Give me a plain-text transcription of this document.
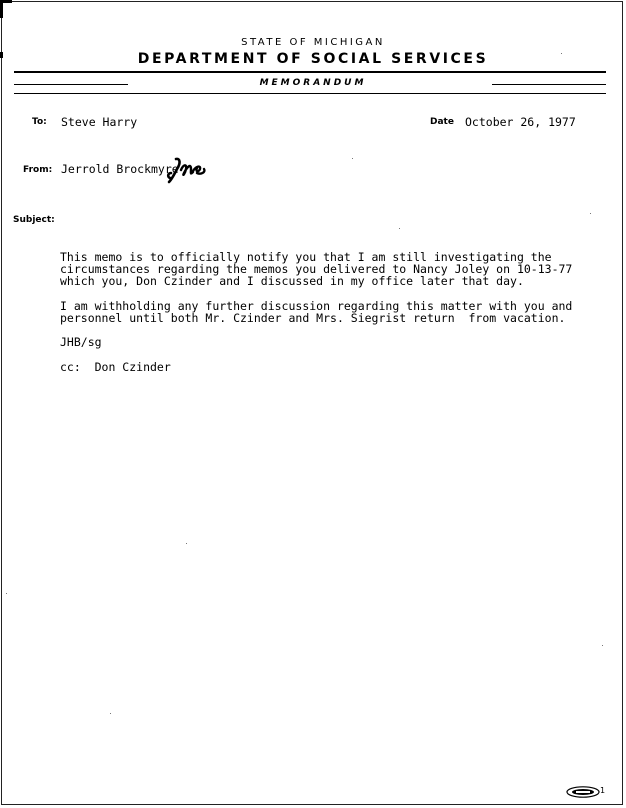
STATE OF MICHIGAN
DEPARTMENT OF SOCIAL SERVICES
MEMORANDUM
To: Steve Harry	Date October 26, 1977
From: Jerrold Brockmyre
Subject:
This memo is to officially notify you that I am still investigating the
circumstances regarding the memos you delivered to Nancy Joley on 10-13-77
which you, Don Czinder and I discussed in my office later that day.
I am withholding any further discussion regarding this matter with you and
personnel until both Mr. Czinder and Mrs. Siegrist return  from vacation.
JHB/sg
cc:  Don Czinder
1
